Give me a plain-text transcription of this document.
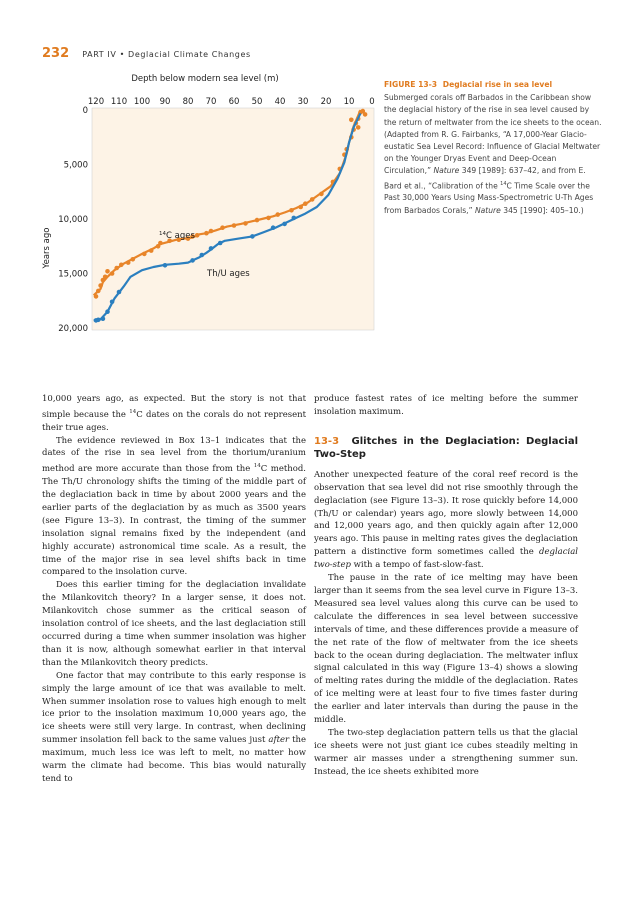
232 PART IV • Deglacial Climate Changes
Depth below modern sea level (m)
Years ago
120 110 100 90 80 70 60 50 40 30 20 10 0
0
5,000
10,000
15,000
20,000
$^{14}$C ages
Th/U ages
FIGURE 13-3 Deglacial rise in sea level
Submerged corals off Barbados in the Caribbean show the deglacial history of the rise in sea level caused by the return of meltwater from the ice sheets to the ocean. (Adapted from R. G. Fairbanks, “A 17,000-Year Glacio-eustatic Sea Level Record: Influence of Glacial Meltwater on the Younger Dryas Event and Deep-Ocean Circulation,” Nature 349 [1989]: 637–42, and from E. Bard et al., “Calibration of the $^{14}$C Time Scale over the Past 30,000 Years Using Mass-Spectrometric U-Th Ages from Barbados Corals,” Nature 345 [1990]: 405–10.)

10,000 years ago, as expected. But the story is not that simple because the $^{14}$C dates on the corals do not represent their true ages.

The evidence reviewed in Box 13–1 indicates that the dates of the rise in sea level from the thorium/uranium method are more accurate than those from the $^{14}$C method. The Th/U chronology shifts the timing of the middle part of the deglaciation back in time by about 2000 years and the earlier parts of the deglaciation by as much as 3500 years (see Figure 13–3). In contrast, the timing of the summer insolation signal remains fixed by the independent (and highly accurate) astronomical time scale. As a result, the time of the major rise in sea level shifts back in time compared to the insolation curve.

Does this earlier timing for the deglaciation invalidate the Milankovitch theory? In a larger sense, it does not. Milankovitch chose summer as the critical season of insolation control of ice sheets, and the last deglaciation still occurred during a time when summer insolation was higher than it is now, although somewhat earlier in that interval than the Milankovitch theory predicts.

One factor that may contribute to this early response is simply the large amount of ice that was available to melt. When summer insolation rose to values high enough to melt ice prior to the insolation maximum 10,000 years ago, the ice sheets were still very large. In contrast, when declining summer insolation fell back to the same values just after the maximum, much less ice was left to melt, no matter how warm the climate had become. This bias would naturally tend to

produce fastest rates of ice melting before the summer insolation maximum.

13-3 Glitches in the Deglaciation: Deglacial Two-Step

Another unexpected feature of the coral reef record is the observation that sea level did not rise smoothly through the deglaciation (see Figure 13–3). It rose quickly before 14,000 (Th/U or calendar) years ago, more slowly between 14,000 and 12,000 years ago, and then quickly again after 12,000 years ago. This pause in melting rates gives the deglaciation pattern a distinctive form sometimes called the deglacial two-step with a tempo of fast-slow-fast.

The pause in the rate of ice melting may have been larger than it seems from the sea level curve in Figure 13–3. Measured sea level values along this curve can be used to calculate the differences in sea level between successive intervals of time, and these differences provide a measure of the net rate of the flow of meltwater from the ice sheets back to the ocean during deglaciation. The meltwater influx signal calculated in this way (Figure 13–4) shows a slowing of melting rates during the middle of the deglaciation. Rates of ice melting were at least four to five times faster during the earlier and later intervals than during the pause in the middle.

The two-step deglaciation pattern tells us that the glacial ice sheets were not just giant ice cubes steadily melting in warmer air masses under a strengthening summer sun. Instead, the ice sheets exhibited more
